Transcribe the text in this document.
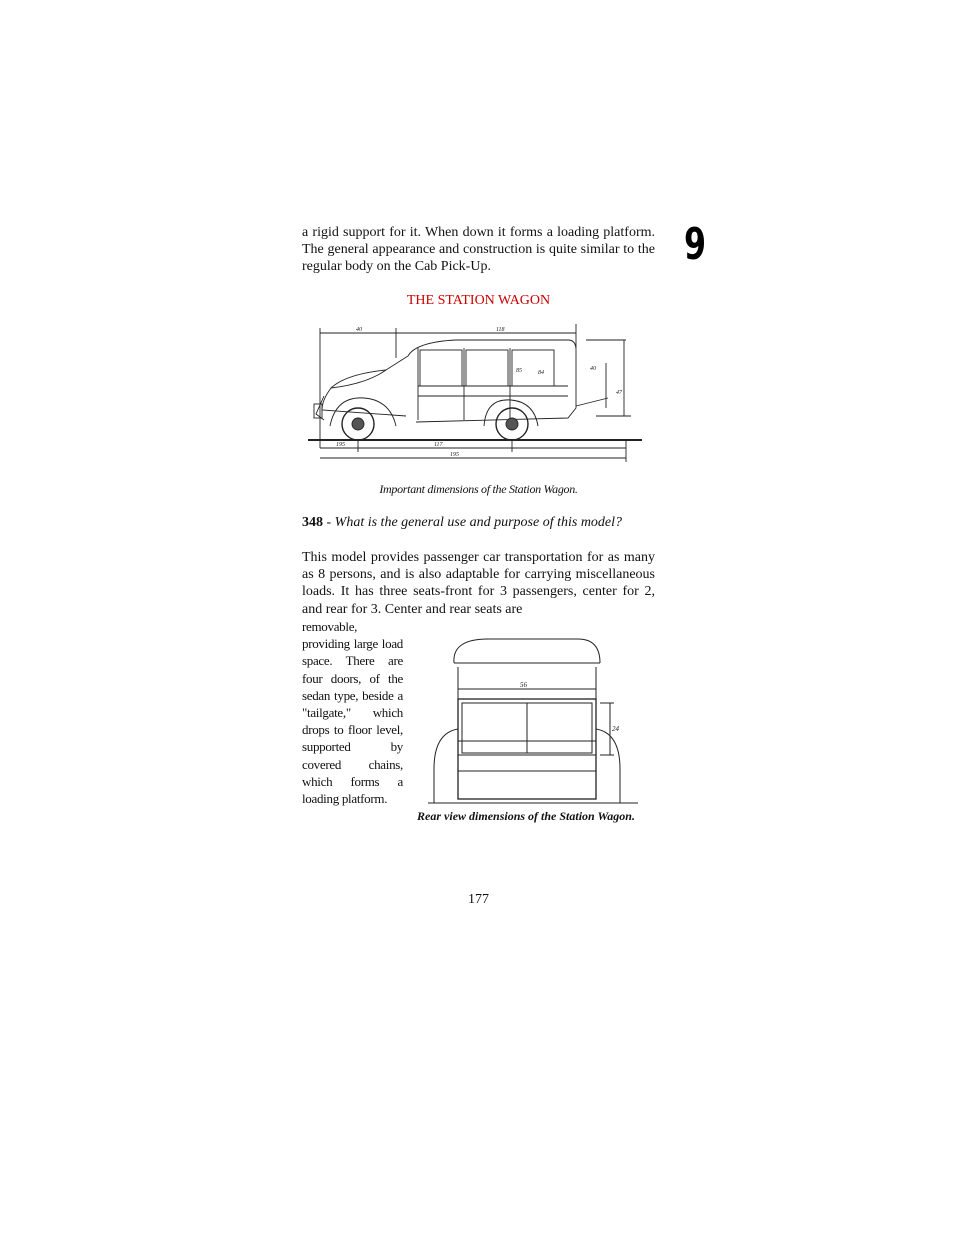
9
a rigid support for it. When down it forms a loading platform. The general appearance and construction is quite similar to the regular body on the Cab Pick-Up.
THE STATION WAGON
40	118
85	84
40
47
195	117
195
Important dimensions of the Station Wagon.
348 - What is the general use and purpose of this model?
This model provides passenger car transportation for as many as 8 persons, and is also adaptable for carrying miscellaneous loads. It has three seats-front for 3 passengers, center for 2, and rear for 3. Center and rear seats are
removable, providing large load space. There are four doors, of the sedan type, beside a "tailgate," which drops to floor level, supported by covered chains, which forms a loading platform.
56
24
Rear view dimensions of the Station Wagon.
177
